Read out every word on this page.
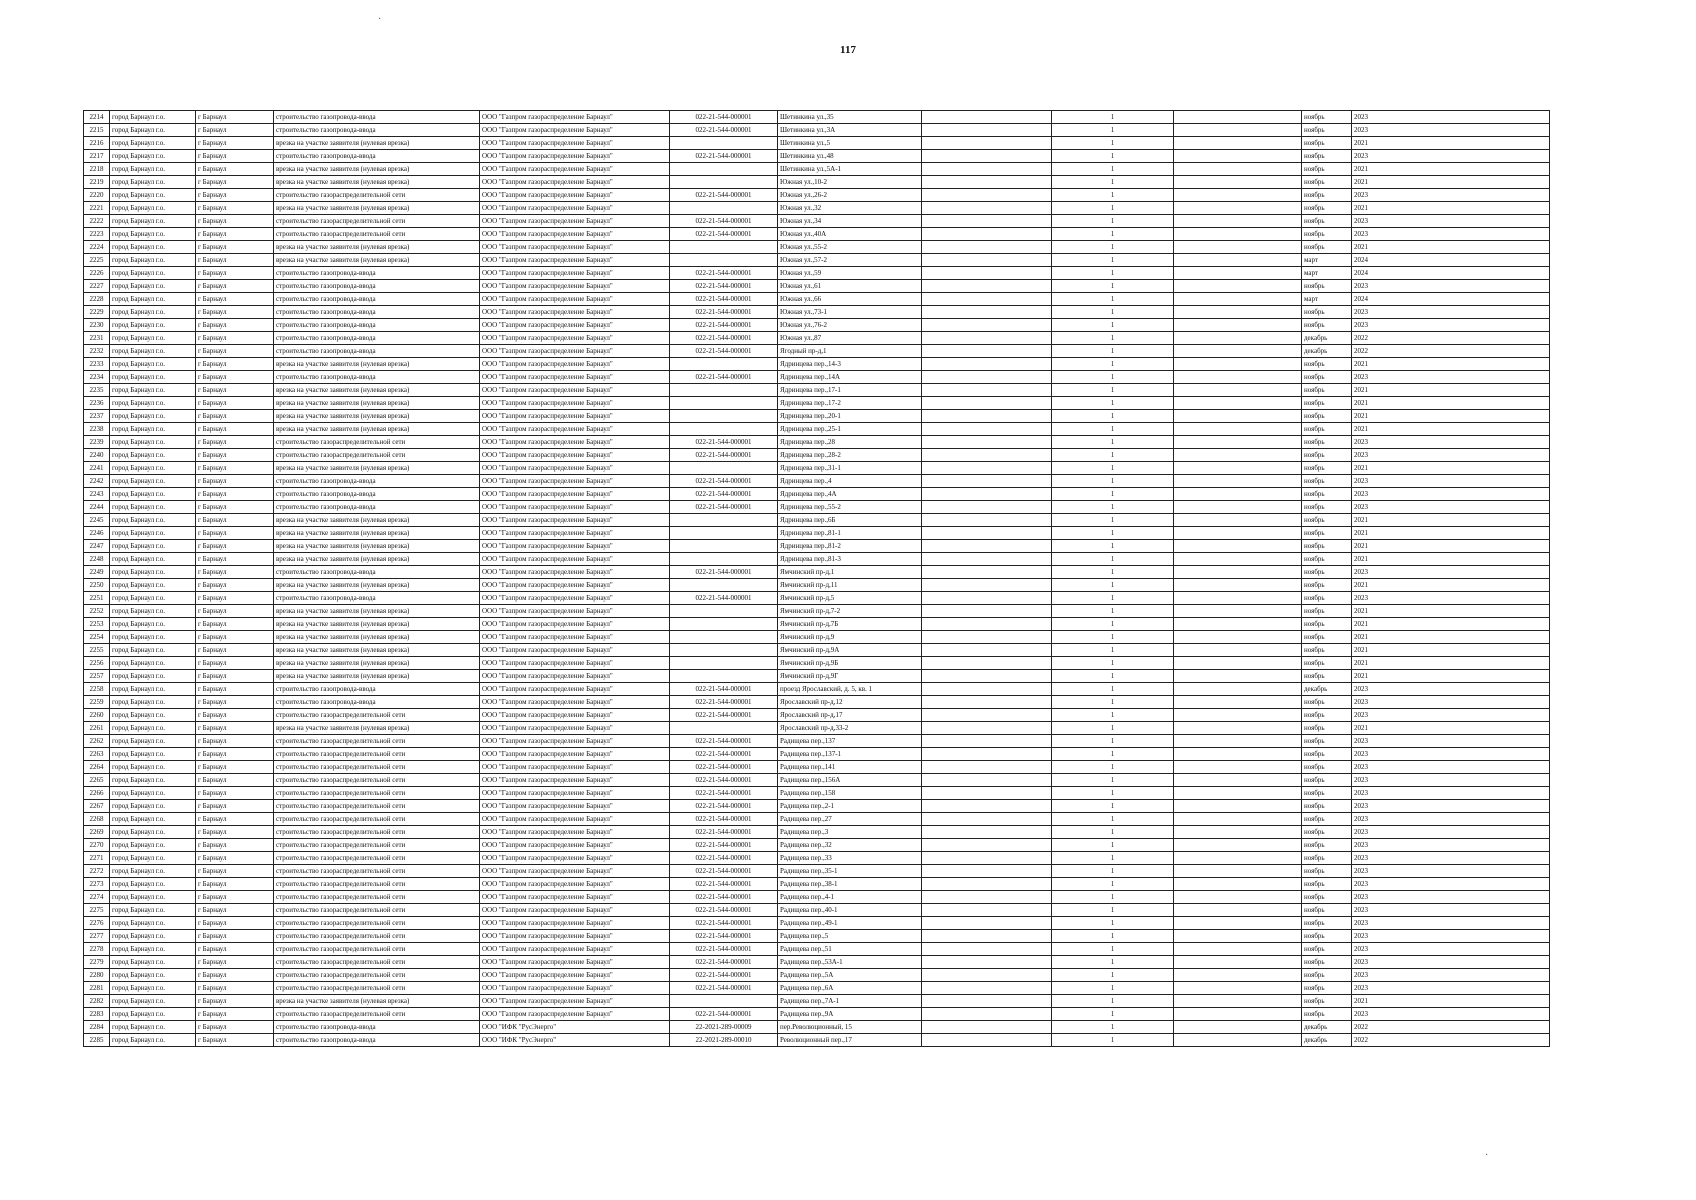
117
·
·
2214	город Барнаул г.о.	г Барнаул	строительство газопровода-ввода	ООО "Газпром газораспределение Барнаул"	022-21-544-000001	Шетинкина ул.,35		1		ноябрь	2023
2215	город Барнаул г.о.	г Барнаул	строительство газопровода-ввода	ООО "Газпром газораспределение Барнаул"	022-21-544-000001	Шетинкина ул.,3А		1		ноябрь	2023
2216	город Барнаул г.о.	г Барнаул	врезка на участке заявителя (нулевая врезка)	ООО "Газпром газораспределение Барнаул"		Шетинкина ул.,5		1		ноябрь	2021
2217	город Барнаул г.о.	г Барнаул	строительство газопровода-ввода	ООО "Газпром газораспределение Барнаул"	022-21-544-000001	Шетинкина ул.,48		1		ноябрь	2023
2218	город Барнаул г.о.	г Барнаул	врезка на участке заявителя (нулевая врезка)	ООО "Газпром газораспределение Барнаул"		Шетинкина ул.,5А-1		1		ноябрь	2021
2219	город Барнаул г.о.	г Барнаул	врезка на участке заявителя (нулевая врезка)	ООО "Газпром газораспределение Барнаул"		Южная ул.,10-2		1		ноябрь	2021
2220	город Барнаул г.о.	г Барнаул	строительство газораспределительной сети	ООО "Газпром газораспределение Барнаул"	022-21-544-000001	Южная ул.,26-2		1		ноябрь	2023
2221	город Барнаул г.о.	г Барнаул	врезка на участке заявителя (нулевая врезка)	ООО "Газпром газораспределение Барнаул"		Южная ул.,32		1		ноябрь	2021
2222	город Барнаул г.о.	г Барнаул	строительство газораспределительной сети	ООО "Газпром газораспределение Барнаул"	022-21-544-000001	Южная ул.,34		1		ноябрь	2023
2223	город Барнаул г.о.	г Барнаул	строительство газораспределительной сети	ООО "Газпром газораспределение Барнаул"	022-21-544-000001	Южная ул.,40А		1		ноябрь	2023
2224	город Барнаул г.о.	г Барнаул	врезка на участке заявителя (нулевая врезка)	ООО "Газпром газораспределение Барнаул"		Южная ул.,55-2		1		ноябрь	2021
2225	город Барнаул г.о.	г Барнаул	врезка на участке заявителя (нулевая врезка)	ООО "Газпром газораспределение Барнаул"		Южная ул.,57-2		1		март	2024
2226	город Барнаул г.о.	г Барнаул	строительство газопровода-ввода	ООО "Газпром газораспределение Барнаул"	022-21-544-000001	Южная ул.,59		1		март	2024
2227	город Барнаул г.о.	г Барнаул	строительство газопровода-ввода	ООО "Газпром газораспределение Барнаул"	022-21-544-000001	Южная ул.,61		1		ноябрь	2023
2228	город Барнаул г.о.	г Барнаул	строительство газопровода-ввода	ООО "Газпром газораспределение Барнаул"	022-21-544-000001	Южная ул.,66		1		март	2024
2229	город Барнаул г.о.	г Барнаул	строительство газопровода-ввода	ООО "Газпром газораспределение Барнаул"	022-21-544-000001	Южная ул.,73-1		1		ноябрь	2023
2230	город Барнаул г.о.	г Барнаул	строительство газопровода-ввода	ООО "Газпром газораспределение Барнаул"	022-21-544-000001	Южная ул.,76-2		1		ноябрь	2023
2231	город Барнаул г.о.	г Барнаул	строительство газопровода-ввода	ООО "Газпром газораспределение Барнаул"	022-21-544-000001	Южная ул.,87		1		декабрь	2022
2232	город Барнаул г.о.	г Барнаул	строительство газопровода-ввода	ООО "Газпром газораспределение Барнаул"	022-21-544-000001	Ягодный пр-д,1		1		декабрь	2022
2233	город Барнаул г.о.	г Барнаул	врезка на участке заявителя (нулевая врезка)	ООО "Газпром газораспределение Барнаул"		Ядринцева пер.,14-3		1		ноябрь	2021
2234	город Барнаул г.о.	г Барнаул	строительство газопровода-ввода	ООО "Газпром газораспределение Барнаул"	022-21-544-000001	Ядринцева пер.,14А		1		ноябрь	2023
2235	город Барнаул г.о.	г Барнаул	врезка на участке заявителя (нулевая врезка)	ООО "Газпром газораспределение Барнаул"		Ядринцева пер.,17-1		1		ноябрь	2021
2236	город Барнаул г.о.	г Барнаул	врезка на участке заявителя (нулевая врезка)	ООО "Газпром газораспределение Барнаул"		Ядринцева пер.,17-2		1		ноябрь	2021
2237	город Барнаул г.о.	г Барнаул	врезка на участке заявителя (нулевая врезка)	ООО "Газпром газораспределение Барнаул"		Ядринцева пер.,20-1		1		ноябрь	2021
2238	город Барнаул г.о.	г Барнаул	врезка на участке заявителя (нулевая врезка)	ООО "Газпром газораспределение Барнаул"		Ядринцева пер.,25-1		1		ноябрь	2021
2239	город Барнаул г.о.	г Барнаул	строительство газораспределительной сети	ООО "Газпром газораспределение Барнаул"	022-21-544-000001	Ядринцева пер.,28		1		ноябрь	2023
2240	город Барнаул г.о.	г Барнаул	строительство газораспределительной сети	ООО "Газпром газораспределение Барнаул"	022-21-544-000001	Ядринцева пер.,28-2		1		ноябрь	2023
2241	город Барнаул г.о.	г Барнаул	врезка на участке заявителя (нулевая врезка)	ООО "Газпром газораспределение Барнаул"		Ядринцева пер.,31-1		1		ноябрь	2021
2242	город Барнаул г.о.	г Барнаул	строительство газопровода-ввода	ООО "Газпром газораспределение Барнаул"	022-21-544-000001	Ядринцева пер.,4		1		ноябрь	2023
2243	город Барнаул г.о.	г Барнаул	строительство газопровода-ввода	ООО "Газпром газораспределение Барнаул"	022-21-544-000001	Ядринцева пер.,4А		1		ноябрь	2023
2244	город Барнаул г.о.	г Барнаул	строительство газопровода-ввода	ООО "Газпром газораспределение Барнаул"	022-21-544-000001	Ядринцева пер.,55-2		1		ноябрь	2023
2245	город Барнаул г.о.	г Барнаул	врезка на участке заявителя (нулевая врезка)	ООО "Газпром газораспределение Барнаул"		Ядринцева пер.,6Б		1		ноябрь	2021
2246	город Барнаул г.о.	г Барнаул	врезка на участке заявителя (нулевая врезка)	ООО "Газпром газораспределение Барнаул"		Ядринцева пер.,81-1		1		ноябрь	2021
2247	город Барнаул г.о.	г Барнаул	врезка на участке заявителя (нулевая врезка)	ООО "Газпром газораспределение Барнаул"		Ядринцева пер.,81-2		1		ноябрь	2021
2248	город Барнаул г.о.	г Барнаул	врезка на участке заявителя (нулевая врезка)	ООО "Газпром газораспределение Барнаул"		Ядринцева пер.,81-3		1		ноябрь	2021
2249	город Барнаул г.о.	г Барнаул	строительство газопровода-ввода	ООО "Газпром газораспределение Барнаул"	022-21-544-000001	Ямчинский пр-д,1		1		ноябрь	2023
2250	город Барнаул г.о.	г Барнаул	врезка на участке заявителя (нулевая врезка)	ООО "Газпром газораспределение Барнаул"		Ямчинский пр-д,11		1		ноябрь	2021
2251	город Барнаул г.о.	г Барнаул	строительство газопровода-ввода	ООО "Газпром газораспределение Барнаул"	022-21-544-000001	Ямчинский пр-д,5		1		ноябрь	2023
2252	город Барнаул г.о.	г Барнаул	врезка на участке заявителя (нулевая врезка)	ООО "Газпром газораспределение Барнаул"		Ямчинский пр-д,7-2		1		ноябрь	2021
2253	город Барнаул г.о.	г Барнаул	врезка на участке заявителя (нулевая врезка)	ООО "Газпром газораспределение Барнаул"		Ямчинский пр-д,7Б		1		ноябрь	2021
2254	город Барнаул г.о.	г Барнаул	врезка на участке заявителя (нулевая врезка)	ООО "Газпром газораспределение Барнаул"		Ямчинский пр-д,9		1		ноябрь	2021
2255	город Барнаул г.о.	г Барнаул	врезка на участке заявителя (нулевая врезка)	ООО "Газпром газораспределение Барнаул"		Ямчинский пр-д,9А		1		ноябрь	2021
2256	город Барнаул г.о.	г Барнаул	врезка на участке заявителя (нулевая врезка)	ООО "Газпром газораспределение Барнаул"		Ямчинский пр-д,9Б		1		ноябрь	2021
2257	город Барнаул г.о.	г Барнаул	врезка на участке заявителя (нулевая врезка)	ООО "Газпром газораспределение Барнаул"		Ямчинский пр-д,9Г		1		ноябрь	2021
2258	город Барнаул г.о.	г Барнаул	строительство газопровода-ввода	ООО "Газпром газораспределение Барнаул"	022-21-544-000001	проезд Ярославский, д. 5, кв. 1		1		декабрь	2023
2259	город Барнаул г.о.	г Барнаул	строительство газопровода-ввода	ООО "Газпром газораспределение Барнаул"	022-21-544-000001	Ярославский пр-д,12		1		ноябрь	2023
2260	город Барнаул г.о.	г Барнаул	строительство газораспределительной сети	ООО "Газпром газораспределение Барнаул"	022-21-544-000001	Ярославский пр-д,17		1		ноябрь	2023
2261	город Барнаул г.о.	г Барнаул	врезка на участке заявителя (нулевая врезка)	ООО "Газпром газораспределение Барнаул"		Ярославский пр-д,33-2		1		ноябрь	2021
2262	город Барнаул г.о.	г Барнаул	строительство газораспределительной сети	ООО "Газпром газораспределение Барнаул"	022-21-544-000001	Радищева пер.,137		1		ноябрь	2023
2263	город Барнаул г.о.	г Барнаул	строительство газораспределительной сети	ООО "Газпром газораспределение Барнаул"	022-21-544-000001	Радищева пер.,137-1		1		ноябрь	2023
2264	город Барнаул г.о.	г Барнаул	строительство газораспределительной сети	ООО "Газпром газораспределение Барнаул"	022-21-544-000001	Радищева пер.,141		1		ноябрь	2023
2265	город Барнаул г.о.	г Барнаул	строительство газораспределительной сети	ООО "Газпром газораспределение Барнаул"	022-21-544-000001	Радищева пер.,156А		1		ноябрь	2023
2266	город Барнаул г.о.	г Барнаул	строительство газораспределительной сети	ООО "Газпром газораспределение Барнаул"	022-21-544-000001	Радищева пер.,158		1		ноябрь	2023
2267	город Барнаул г.о.	г Барнаул	строительство газораспределительной сети	ООО "Газпром газораспределение Барнаул"	022-21-544-000001	Радищева пер.,2-1		1		ноябрь	2023
2268	город Барнаул г.о.	г Барнаул	строительство газораспределительной сети	ООО "Газпром газораспределение Барнаул"	022-21-544-000001	Радищева пер.,27		1		ноябрь	2023
2269	город Барнаул г.о.	г Барнаул	строительство газораспределительной сети	ООО "Газпром газораспределение Барнаул"	022-21-544-000001	Радищева пер.,3		1		ноябрь	2023
2270	город Барнаул г.о.	г Барнаул	строительство газораспределительной сети	ООО "Газпром газораспределение Барнаул"	022-21-544-000001	Радищева пер.,32		1		ноябрь	2023
2271	город Барнаул г.о.	г Барнаул	строительство газораспределительной сети	ООО "Газпром газораспределение Барнаул"	022-21-544-000001	Радищева пер.,33		1		ноябрь	2023
2272	город Барнаул г.о.	г Барнаул	строительство газораспределительной сети	ООО "Газпром газораспределение Барнаул"	022-21-544-000001	Радищева пер.,35-1		1		ноябрь	2023
2273	город Барнаул г.о.	г Барнаул	строительство газораспределительной сети	ООО "Газпром газораспределение Барнаул"	022-21-544-000001	Радищева пер.,38-1		1		ноябрь	2023
2274	город Барнаул г.о.	г Барнаул	строительство газораспределительной сети	ООО "Газпром газораспределение Барнаул"	022-21-544-000001	Радищева пер.,4-1		1		ноябрь	2023
2275	город Барнаул г.о.	г Барнаул	строительство газораспределительной сети	ООО "Газпром газораспределение Барнаул"	022-21-544-000001	Радищева пер.,40-1		1		ноябрь	2023
2276	город Барнаул г.о.	г Барнаул	строительство газораспределительной сети	ООО "Газпром газораспределение Барнаул"	022-21-544-000001	Радищева пер.,49-1		1		ноябрь	2023
2277	город Барнаул г.о.	г Барнаул	строительство газораспределительной сети	ООО "Газпром газораспределение Барнаул"	022-21-544-000001	Радищева пер.,5		1		ноябрь	2023
2278	город Барнаул г.о.	г Барнаул	строительство газораспределительной сети	ООО "Газпром газораспределение Барнаул"	022-21-544-000001	Радищева пер.,51		1		ноябрь	2023
2279	город Барнаул г.о.	г Барнаул	строительство газораспределительной сети	ООО "Газпром газораспределение Барнаул"	022-21-544-000001	Радищева пер.,53А-1		1		ноябрь	2023
2280	город Барнаул г.о.	г Барнаул	строительство газораспределительной сети	ООО "Газпром газораспределение Барнаул"	022-21-544-000001	Радищева пер.,5А		1		ноябрь	2023
2281	город Барнаул г.о.	г Барнаул	строительство газораспределительной сети	ООО "Газпром газораспределение Барнаул"	022-21-544-000001	Радищева пер.,6А		1		ноябрь	2023
2282	город Барнаул г.о.	г Барнаул	врезка на участке заявителя (нулевая врезка)	ООО "Газпром газораспределение Барнаул"		Радищева пер.,7А-1		1		ноябрь	2021
2283	город Барнаул г.о.	г Барнаул	строительство газораспределительной сети	ООО "Газпром газораспределение Барнаул"	022-21-544-000001	Радищева пер.,9А		1		ноябрь	2023
2284	город Барнаул г.о.	г Барнаул	строительство газопровода-ввода	ООО "ИФК "РусЭнерго"	22-2021-289-00009	пер.Революционный, 15		1		декабрь	2022
2285	город Барнаул г.о.	г Барнаул	строительство газопровода-ввода	ООО "ИФК "РусЭнерго"	22-2021-289-00010	Революционный пер.,17		1		декабрь	2022
